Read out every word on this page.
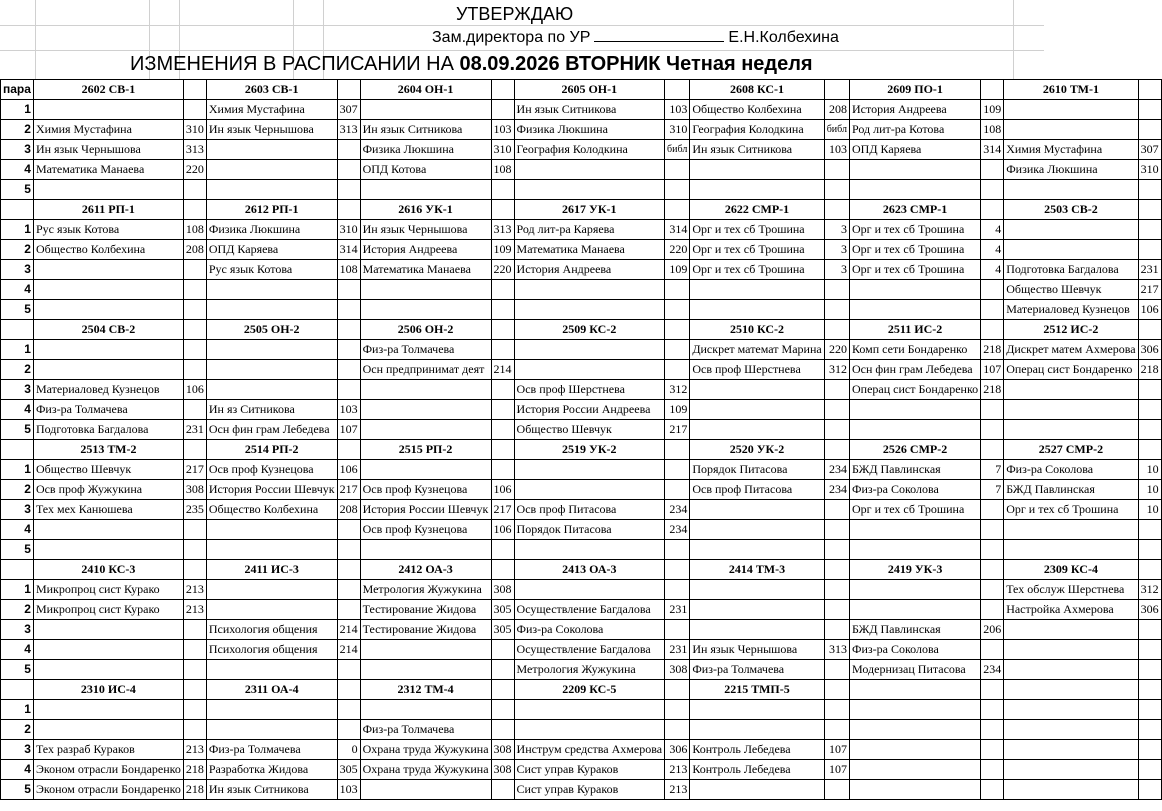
УТВЕРЖДАЮ
Зам.директора по УР	Е.Н.Колбехина
ИЗМЕНЕНИЯ В РАСПИСАНИИ НА 08.09.2026 ВТОРНИК Четная неделя
пара	2602 СВ-1		2603 СВ-1		2604 ОН-1		2605 ОН-1		2608 КС-1		2609 ПО-1		2610 ТМ-1	
1			Химия Мустафина	307			Ин язык Ситникова	103	Общество Колбехина	208	История Андреева	109		
2	Химия Мустафина	310	Ин язык Чернышова	313	Ин язык Ситникова	103	Физика Люкшина	310	География Колодкина	библ	Род лит-ра Котова	108		
3	Ин язык Чернышова	313			Физика Люкшина	310	География Колодкина	библ	Ин язык Ситникова	103	ОПД Каряева	314	Химия Мустафина	307
4	Математика Манаева	220			ОПД Котова	108							Физика Люкшина	310
5														
	2611 РП-1		2612 РП-1		2616 УК-1		2617 УК-1		2622 СМР-1		2623 СМР-1		2503 СВ-2	
1	Рус язык Котова	108	Физика Люкшина	310	Ин язык Чернышова	313	Род лит-ра Каряева	314	Орг и тех сб Трошина	3	Орг и тех сб Трошина	4		
2	Общество Колбехина	208	ОПД Каряева	314	История Андреева	109	Математика Манаева	220	Орг и тех сб Трошина	3	Орг и тех сб Трошина	4		
3			Рус язык Котова	108	Математика Манаева	220	История Андреева	109	Орг и тех сб Трошина	3	Орг и тех сб Трошина	4	Подготовка Багдалова	231
4													Общество Шевчук	217
5													Материаловед Кузнецов	106
	2504 СВ-2		2505 ОН-2		2506 ОН-2		2509 КС-2		2510 КС-2		2511 ИС-2		2512 ИС-2	
1					Физ-ра Толмачева				Дискрет математ Марина	220	Комп сети Бондаренко	218	Дискрет матем Ахмерова	306
2					Осн предпринимат деят	214			Осв проф Шерстнева	312	Осн фин грам Лебедева	107	Операц сист Бондаренко	218
3	Материаловед Кузнецов	106					Осв проф Шерстнева	312			Операц сист Бондаренко	218		
4	Физ-ра Толмачева		Ин яз Ситникова	103			История России Андреева	109						
5	Подготовка Багдалова	231	Осн фин грам Лебедева	107			Общество Шевчук	217						
	2513 ТМ-2		2514 РП-2		2515 РП-2		2519 УК-2		2520 УК-2		2526 СМР-2		2527 СМР-2	
1	Общество Шевчук	217	Осв проф Кузнецова	106					Порядок Питасова	234	БЖД Павлинская	7	Физ-ра Соколова	10
2	Осв проф Жужукина	308	История России Шевчук	217	Осв проф Кузнецова	106			Осв проф Питасова	234	Физ-ра Соколова	7	БЖД Павлинская	10
3	Тех мех Канюшева	235	Общество Колбехина	208	История России Шевчук	217	Осв проф Питасова	234			Орг и тех сб Трошина		Орг и тех сб Трошина	10
4					Осв проф Кузнецова	106	Порядок Питасова	234						
5														
	2410 КС-3		2411 ИС-3		2412 ОА-3		2413 ОА-3		2414 ТМ-3		2419 УК-3		2309 КС-4	
1	Микропроц сист Курако	213			Метрология Жужукина	308							Тех обслуж Шерстнева	312
2	Микропроц сист Курако	213			Тестирование Жидова	305	Осуществление Багдалова	231					Настройка Ахмерова	306
3			Психология общения	214	Тестирование Жидова	305	Физ-ра Соколова				БЖД Павлинская	206		
4			Психология общения	214			Осуществление Багдалова	231	Ин язык Чернышова	313	Физ-ра Соколова			
5							Метрология Жужукина	308	Физ-ра Толмачева		Модернизац Питасова	234		
	2310 ИС-4		2311 ОА-4		2312 ТМ-4		2209 КС-5		2215 ТМП-5					
1														
2					Физ-ра Толмачева									
3	Тех разраб Кураков	213	Физ-ра Толмачева	0	Охрана труда Жужукина	308	Инструм средства Ахмерова	306	Контроль Лебедева	107				
4	Эконом отрасли Бондаренко	218	Разработка Жидова	305	Охрана труда Жужукина	308	Сист управ Кураков	213	Контроль Лебедева	107				
5	Эконом отрасли Бондаренко	218	Ин язык Ситникова	103			Сист управ Кураков	213						
